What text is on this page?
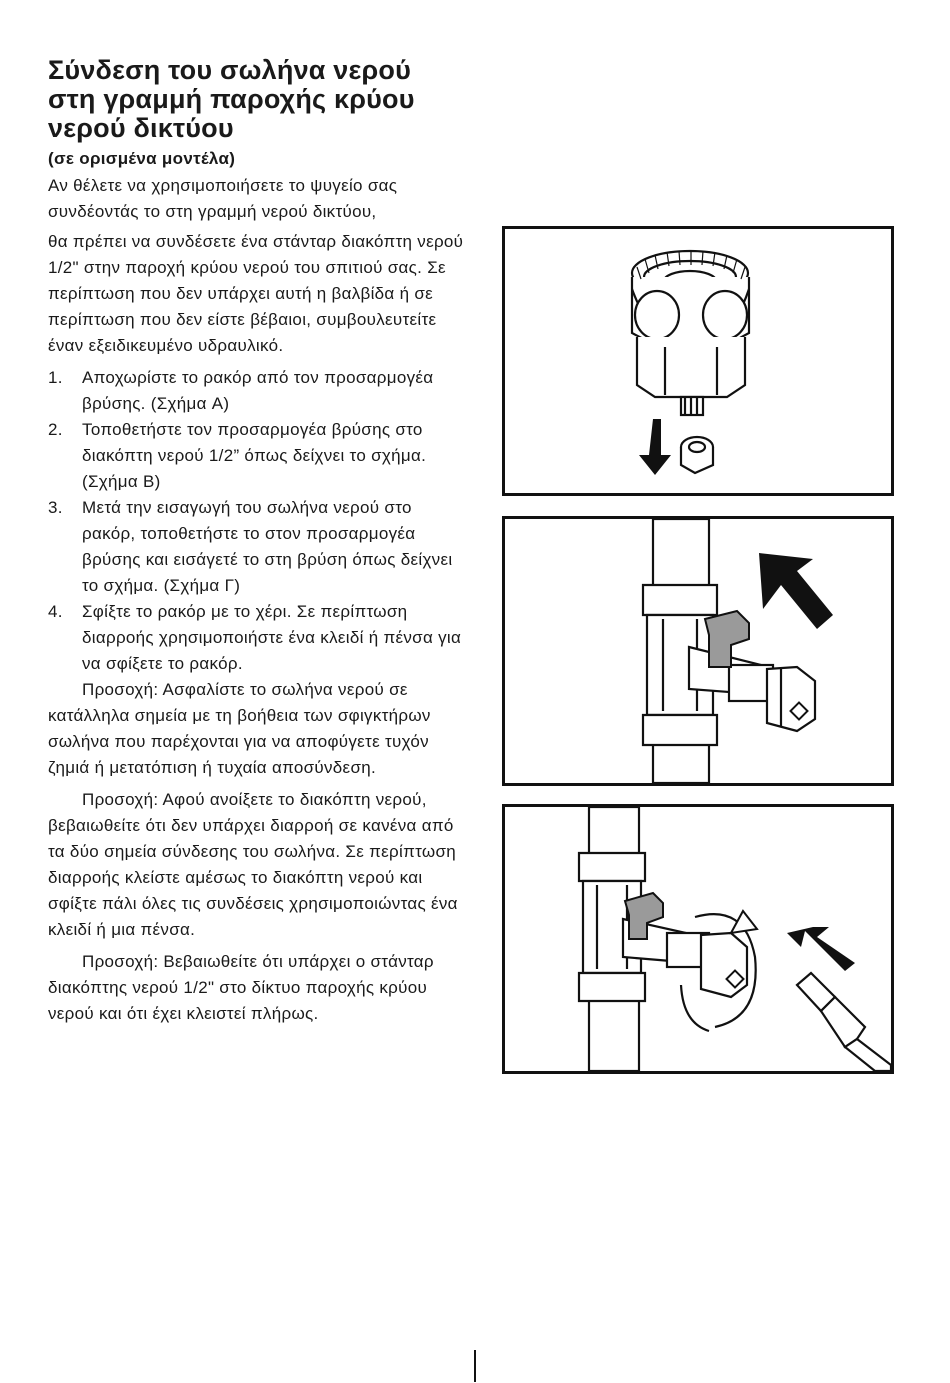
Σύνδεση του σωλήνα νερού
στη γραμμή παροχής κρύου
νερού δικτύου
(σε ορισμένα μοντέλα)

Αν θέλετε να χρησιμοποιήσετε το ψυγείο σας συνδέοντάς το στη γραμμή νερού δικτύου,

θα πρέπει να συνδέσετε ένα στάνταρ διακόπτη νερού 1/2" στην παροχή κρύου νερού του σπιτιού σας. Σε περίπτωση που δεν υπάρχει αυτή η βαλβίδα ή σε περίπτωση που δεν είστε βέβαιοι, συμβουλευτείτε έναν εξειδικευμένο υδραυλικό.

1. Αποχωρίστε το ρακόρ από τον προσαρμογέα βρύσης. (Σχήμα A)
2. Τοποθετήστε τον προσαρμογέα βρύσης στο διακόπτη νερού 1/2” όπως δείχνει το σχήμα. (Σχήμα B)
3. Μετά την εισαγωγή του σωλήνα νερού στο ρακόρ, τοποθετήστε το στον προσαρμογέα βρύσης και εισάγετέ το στη βρύση όπως δείχνει το σχήμα. (Σχήμα Γ)
4. Σφίξτε το ρακόρ με το χέρι. Σε περίπτωση διαρροής χρησιμοποιήστε ένα κλειδί ή πένσα για να σφίξετε το ρακόρ.

Προσοχή: Ασφαλίστε το σωλήνα νερού σε κατάλληλα σημεία με τη βοήθεια των σφιγκτήρων σωλήνα που παρέχονται για να αποφύγετε τυχόν ζημιά ή μετατόπιση ή τυχαία αποσύνδεση.

Προσοχή: Αφού ανοίξετε το διακόπτη νερού, βεβαιωθείτε ότι δεν υπάρχει διαρροή σε κανένα από τα δύο σημεία σύνδεσης του σωλήνα. Σε περίπτωση διαρροής κλείστε αμέσως το διακόπτη νερού και σφίξτε πάλι όλες τις συνδέσεις χρησιμοποιώντας ένα κλειδί ή μια πένσα.

Προσοχή: Βεβαιωθείτε ότι υπάρχει ο στάνταρ διακόπτης νερού 1/2" στο δίκτυο παροχής κρύου νερού και ότι έχει κλειστεί πλήρως.
